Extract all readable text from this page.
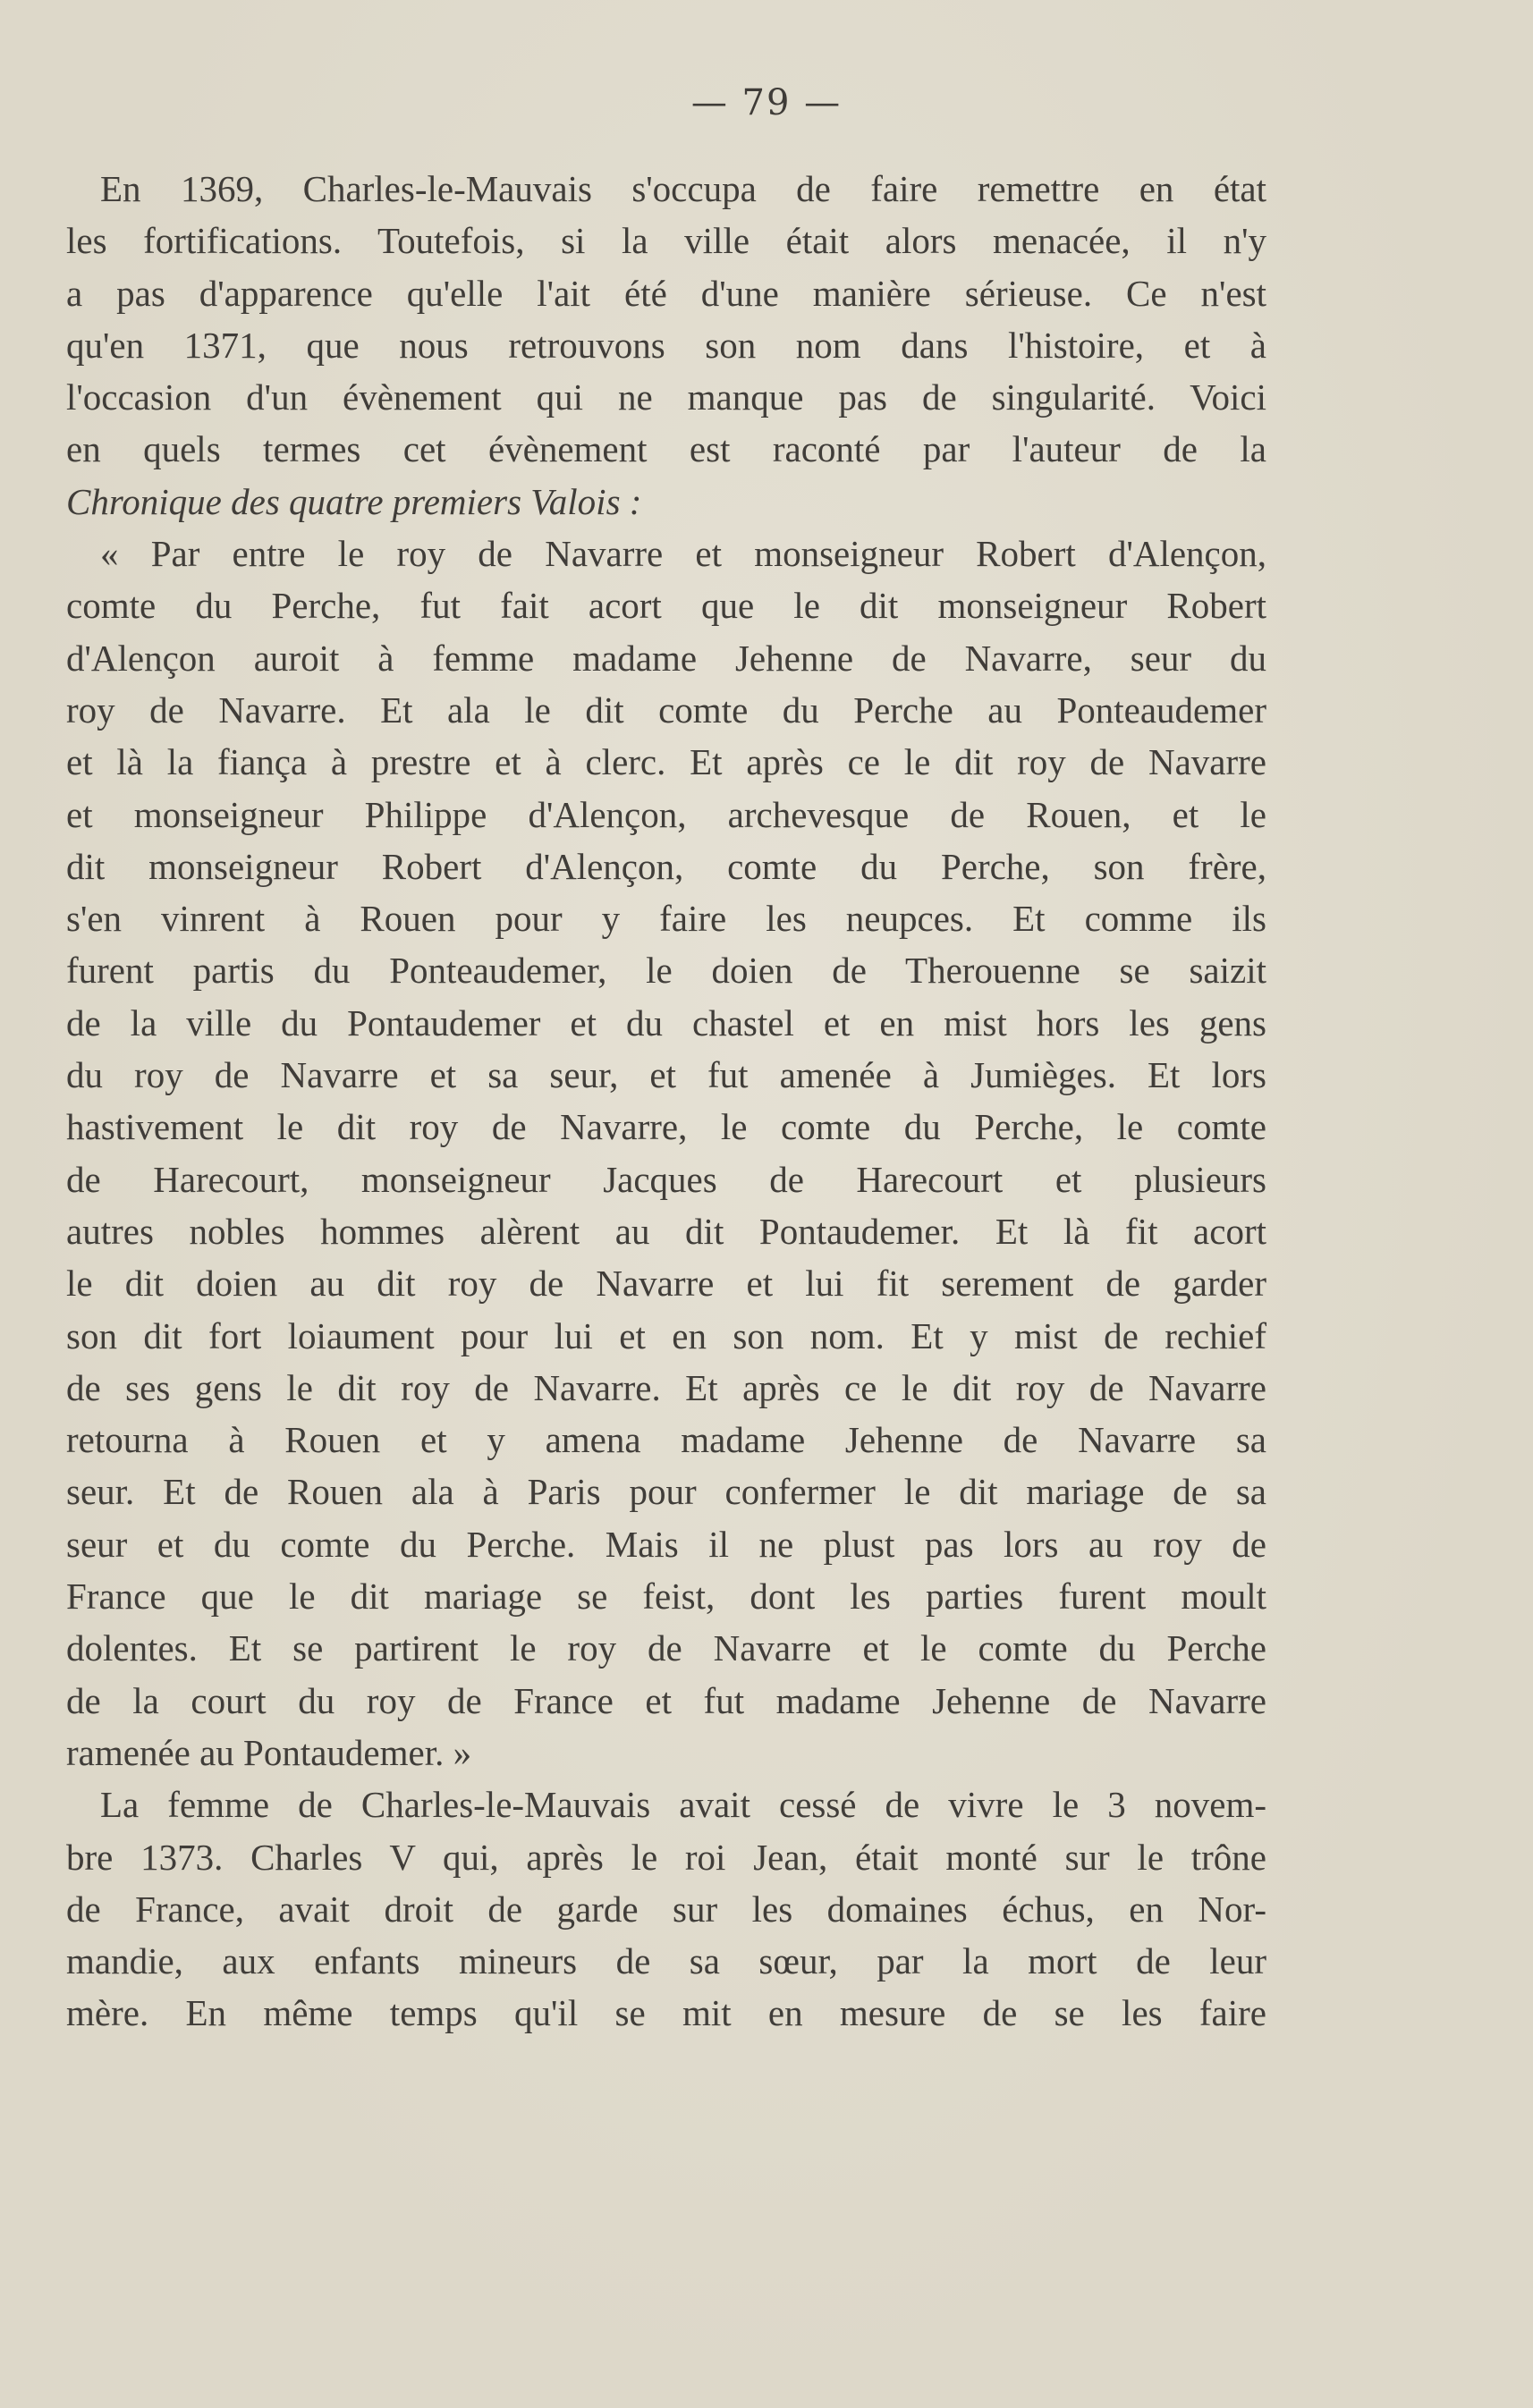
— 79 —
En 1369, Charles-le-Mauvais s'occupa de faire remettre en état
les fortifications. Toutefois, si la ville était alors menacée, il n'y
a pas d'apparence qu'elle l'ait été d'une manière sérieuse. Ce n'est
qu'en 1371, que nous retrouvons son nom dans l'histoire, et à
l'occasion d'un évènement qui ne manque pas de singularité. Voici
en quels termes cet évènement est raconté par l'auteur de la
Chronique des quatre premiers Valois :
« Par entre le roy de Navarre et monseigneur Robert d'Alençon,
comte du Perche, fut fait acort que le dit monseigneur Robert
d'Alençon auroit à femme madame Jehenne de Navarre, seur du
roy de Navarre. Et ala le dit comte du Perche au Ponteaudemer
et là la fiança à prestre et à clerc. Et après ce le dit roy de Navarre
et monseigneur Philippe d'Alençon, archevesque de Rouen, et le
dit monseigneur Robert d'Alençon, comte du Perche, son frère,
s'en vinrent à Rouen pour y faire les neupces. Et comme ils
furent partis du Ponteaudemer, le doien de Therouenne se saizit
de la ville du Pontaudemer et du chastel et en mist hors les gens
du roy de Navarre et sa seur, et fut amenée à Jumièges. Et lors
hastivement le dit roy de Navarre, le comte du Perche, le comte
de Harecourt, monseigneur Jacques de Harecourt et plusieurs
autres nobles hommes alèrent au dit Pontaudemer. Et là fit acort
le dit doien au dit roy de Navarre et lui fit serement de garder
son dit fort loiaument pour lui et en son nom. Et y mist de rechief
de ses gens le dit roy de Navarre. Et après ce le dit roy de Navarre
retourna à Rouen et y amena madame Jehenne de Navarre sa
seur. Et de Rouen ala à Paris pour confermer le dit mariage de sa
seur et du comte du Perche. Mais il ne plust pas lors au roy de
France que le dit mariage se feist, dont les parties furent moult
dolentes. Et se partirent le roy de Navarre et le comte du Perche
de la court du roy de France et fut madame Jehenne de Navarre
ramenée au Pontaudemer. »
La femme de Charles-le-Mauvais avait cessé de vivre le 3 novem-
bre 1373. Charles V qui, après le roi Jean, était monté sur le trône
de France, avait droit de garde sur les domaines échus, en Nor-
mandie, aux enfants mineurs de sa sœur, par la mort de leur
mère. En même temps qu'il se mit en mesure de se les faire
